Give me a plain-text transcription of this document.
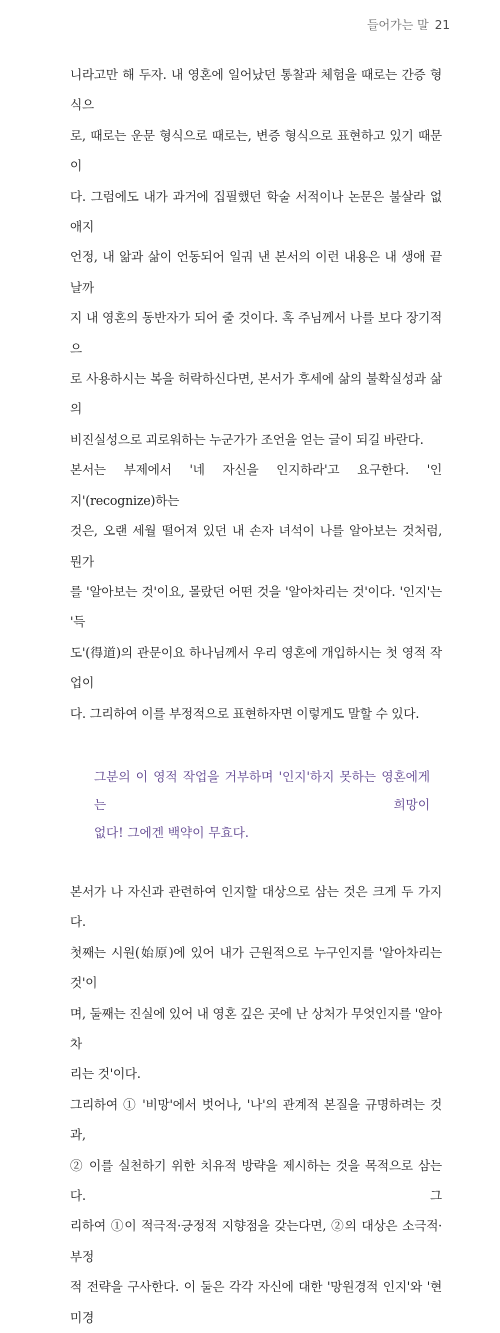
들어가는 말 21

니라고만 해 두자. 내 영혼에 일어났던 통찰과 체험을 때로는 간증 형식으

로, 때로는 운문 형식으로 때로는, 변증 형식으로 표현하고 있기 때문이

다. 그럼에도 내가 과거에 집필했던 학술 서적이나 논문은 불살라 없애지

언정, 내 앎과 삶이 언동되어 일궈 낸 본서의 이런 내용은 내 생애 끝 날까

지 내 영혼의 동반자가 되어 줄 것이다. 혹 주님께서 나를 보다 장기적으

로 사용하시는 복을 허락하신다면, 본서가 후세에 삶의 불확실성과 삶의

비진실성으로 괴로워하는 누군가가 조언을 얻는 글이 되길 바란다.

본서는 부제에서 '네 자신을 인지하라'고 요구한다. '인지'(recognize)하는

것은, 오랜 세월 떨어져 있던 내 손자 녀석이 나를 알아보는 것처럼, 뭔가

를 '알아보는 것'이요, 몰랐던 어떤 것을 '알아차리는 것'이다. '인지'는 '득

도'(得道)의 관문이요 하나님께서 우리 영혼에 개입하시는 첫 영적 작업이

다. 그리하여 이를 부정적으로 표현하자면 이렇게도 말할 수 있다.

그분의 이 영적 작업을 거부하며 '인지'하지 못하는 영혼에게는 희망이

없다! 그에겐 백약이 무효다.

본서가 나 자신과 관련하여 인지할 대상으로 삼는 것은 크게 두 가지다.

첫째는 시원(始原)에 있어 내가 근원적으로 누구인지를 '알아차리는 것'이

며, 둘째는 진실에 있어 내 영혼 깊은 곳에 난 상처가 무엇인지를 '알아차

리는 것'이다.

그리하여 ① '비망'에서 벗어나, '나'의 관계적 본질을 규명하려는 것과,

② 이를 실천하기 위한 치유적 방략을 제시하는 것을 목적으로 삼는다. 그

리하여 ①이 적극적·긍정적 지향점을 갖는다면, ②의 대상은 소극적·부정

적 전략을 구사한다. 이 둘은 각각 자신에 대한 '망원경적 인지'와 '현미경
